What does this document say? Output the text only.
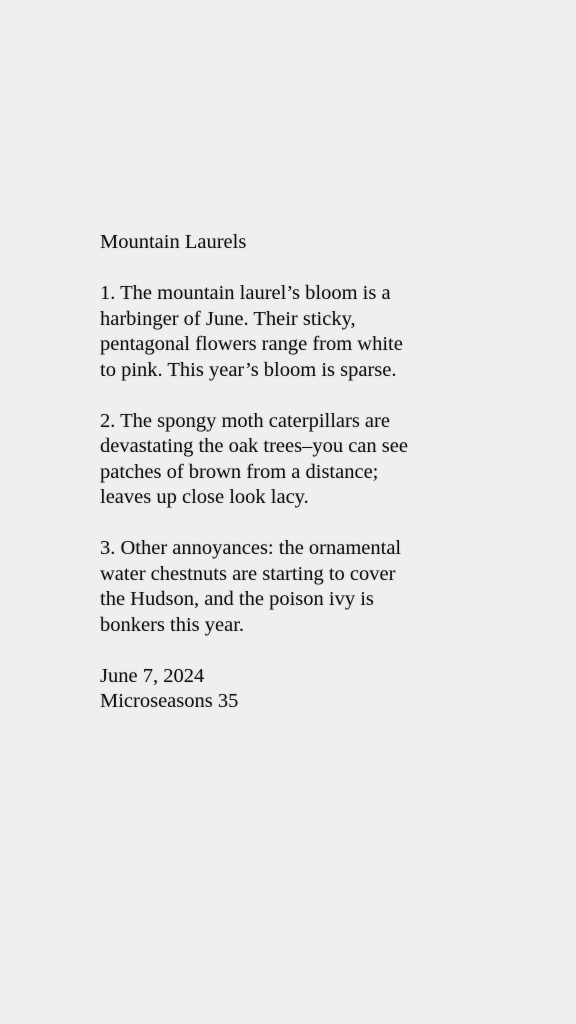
Mountain Laurels
1. The mountain laurel’s bloom is a
harbinger of June. Their sticky,
pentagonal flowers range from white
to pink. This year’s bloom is sparse.
2. The spongy moth caterpillars are
devastating the oak trees–you can see
patches of brown from a distance;
leaves up close look lacy.
3. Other annoyances: the ornamental
water chestnuts are starting to cover
the Hudson, and the poison ivy is
bonkers this year.
June 7, 2024
Microseasons 35
